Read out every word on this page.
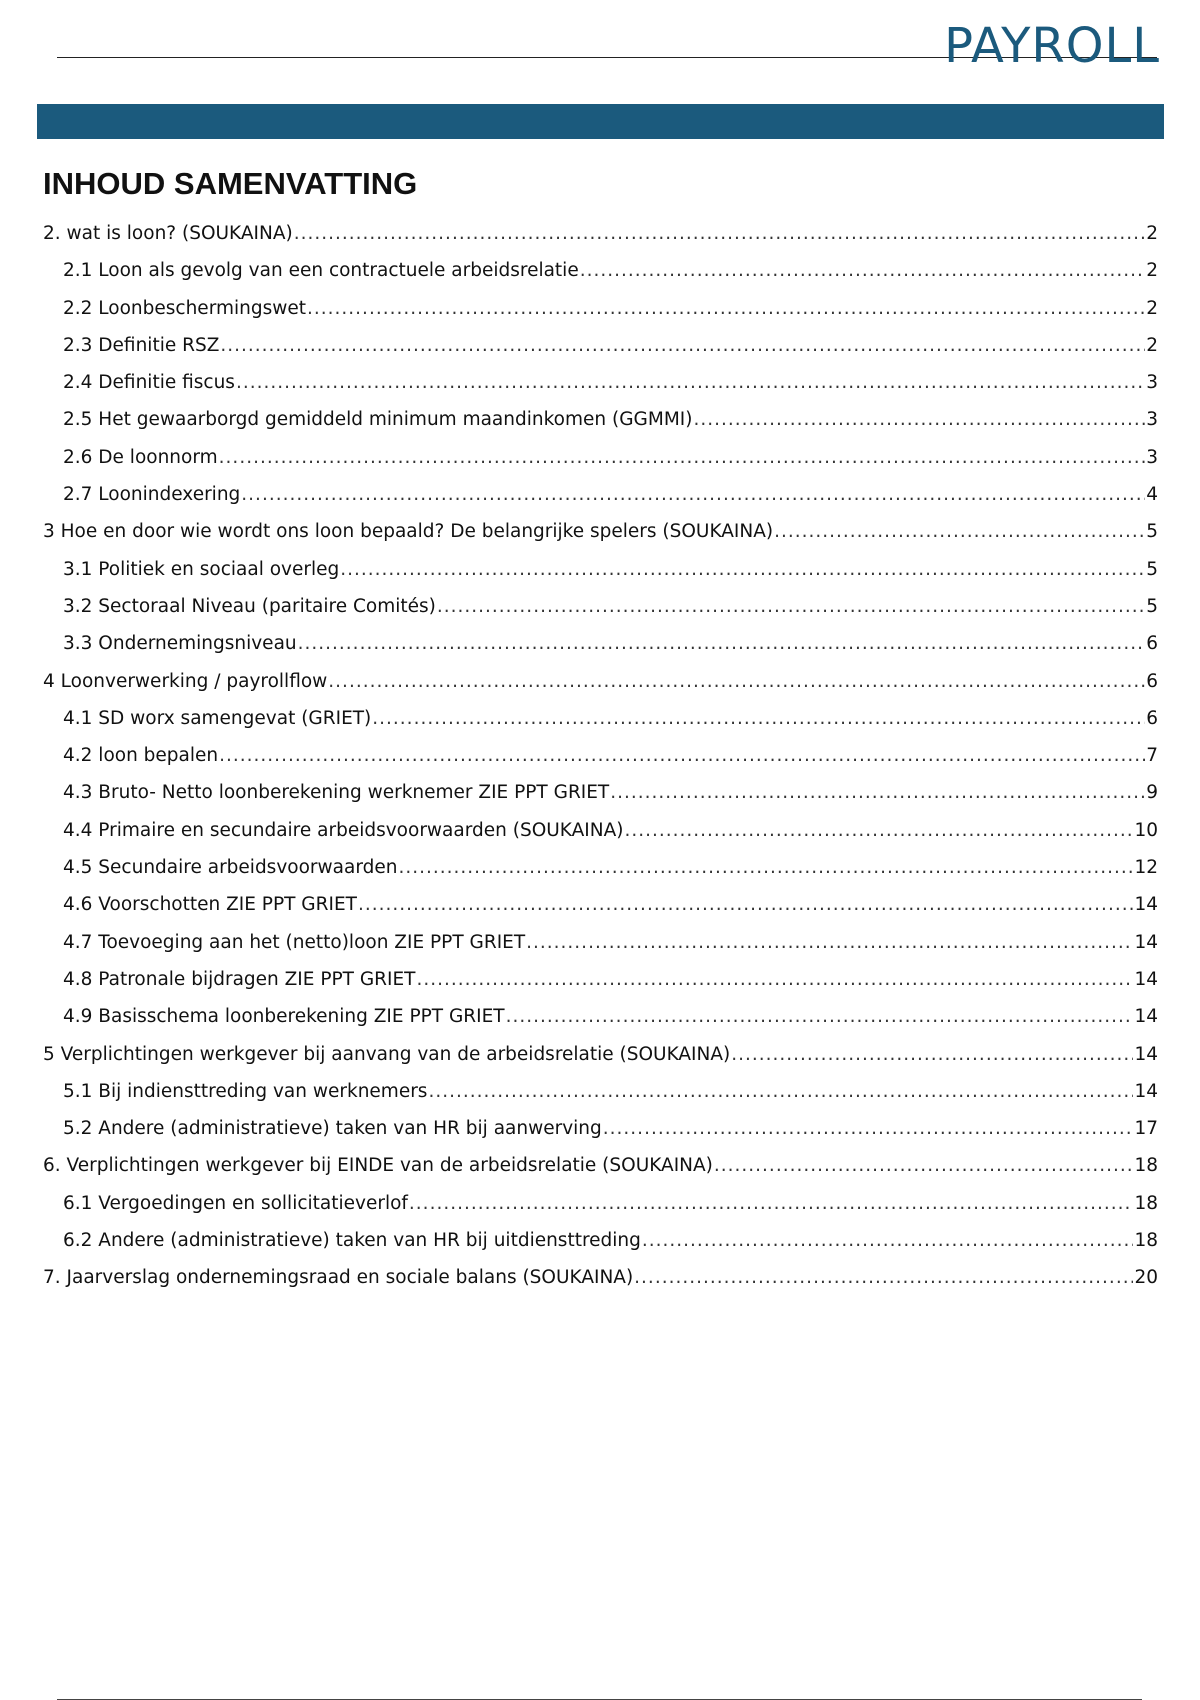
PAYROLL
INHOUD SAMENVATTING
2. wat is loon? (SOUKAINA) .....	2
2.1 Loon als gevolg van een contractuele arbeidsrelatie .....	2
2.2 Loonbeschermingswet .....	2
2.3 Definitie RSZ .....	2
2.4 Definitie fiscus .....	3
2.5 Het gewaarborgd gemiddeld minimum maandinkomen (GGMMI) .....	3
2.6 De loonnorm .....	3
2.7 Loonindexering .....	4
3 Hoe en door wie wordt ons loon bepaald? De belangrijke spelers (SOUKAINA) .....	5
3.1 Politiek en sociaal overleg .....	5
3.2 Sectoraal Niveau (paritaire Comités) .....	5
3.3 Ondernemingsniveau .....	6
4 Loonverwerking / payrollflow .....	6
4.1 SD worx samengevat (GRIET) .....	6
4.2 loon bepalen .....	7
4.3 Bruto- Netto loonberekening werknemer ZIE PPT GRIET .....	9
4.4 Primaire en secundaire arbeidsvoorwaarden (SOUKAINA) .....	10
4.5 Secundaire arbeidsvoorwaarden .....	12
4.6 Voorschotten ZIE PPT GRIET .....	14
4.7 Toevoeging aan het (netto)loon ZIE PPT GRIET .....	14
4.8 Patronale bijdragen ZIE PPT GRIET .....	14
4.9 Basisschema loonberekening ZIE PPT GRIET .....	14
5 Verplichtingen werkgever bij aanvang van de arbeidsrelatie (SOUKAINA) .....	14
5.1 Bij indiensttreding van werknemers .....	14
5.2 Andere (administratieve) taken van HR bij aanwerving .....	17
6. Verplichtingen werkgever bij EINDE van de arbeidsrelatie (SOUKAINA) .....	18
6.1 Vergoedingen en sollicitatieverlof .....	18
6.2 Andere (administratieve) taken van HR bij uitdiensttreding .....	18
7. Jaarverslag ondernemingsraad en sociale balans (SOUKAINA) .....	20
